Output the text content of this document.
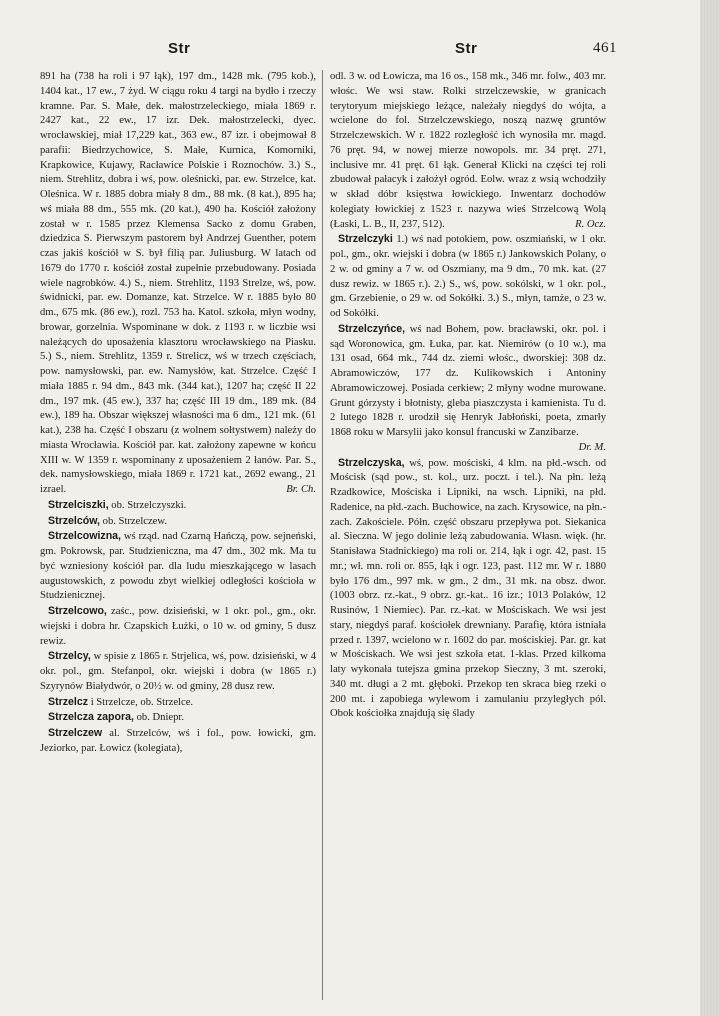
Str	Str	461

891 ha (738 ha roli i 97 łąk), 197 dm., 1428 mk. (795 kob.), 1404 kat., 17 ew., 7 żyd. W ciągu roku 4 targi na bydło i rzeczy kramne. Par. S. Małe, dek. małostrzeleckiego, miała 1869 r. 2427 kat., 22 ew., 17 izr. Dek. małostrzelecki, dyec. wrocławskiej, miał 17,229 kat., 363 ew., 87 izr. i obejmował 8 parafii: Biedrzychowice, S. Małe, Kurnica, Komorniki, Krapkowice, Kujawy, Racławice Polskie i Roznochów. 3.) S., niem. Strehlitz, dobra i wś, pow. oleśnicki, par. ew. Strzelce, kat. Oleśnica. W r. 1885 dobra miały 8 dm., 88 mk. (8 kat.), 895 ha; wś miała 88 dm., 555 mk. (20 kat.), 490 ha. Kościół założony został w r. 1585 przez Klemensa Sacko z domu Graben, dziedzica S. Pierwszym pastorem był Andrzej Guenther, potem czas jakiś kościół w S. był filią par. Juliusburg. W latach od 1679 do 1770 r. kościół został zupełnie przebudowany. Posiada wiele nagrobków. 4.) S., niem. Strehlitz, 1193 Strelze, wś, pow. świdnicki, par. ew. Domanze, kat. Strzelce. W r. 1885 było 80 dm., 675 mk. (86 ew.), rozl. 753 ha. Katol. szkoła, młyn wodny, browar, gorzelnia. Wspominane w dok. z 1193 r. w liczbie wsi należących do uposażenia klasztoru wrocławskiego na Piasku. 5.) S., niem. Strehlitz, 1359 r. Strelicz, wś w trzech częściach, pow. namysłowski, par. ew. Namysłów, kat. Strzelce. Część I miała 1885 r. 94 dm., 843 mk. (344 kat.), 1207 ha; część II 22 dm., 197 mk. (45 ew.), 337 ha; część III 19 dm., 189 mk. (84 ew.), 189 ha. Obszar większej własności ma 6 dm., 121 mk. (61 kat.), 238 ha. Część I obszaru (z wolnem sołtystwem) należy do miasta Wrocławia. Kościół par. kat. założony zapewne w końcu XIII w. W 1359 r. wspominany z uposażeniem 2 łanów. Par. S., dek. namysłowskiego, miała 1869 r. 1721 kat., 2692 ewang., 21 izrael.	Br. Ch.

Strzelciszki, ob. Strzelczyszki.

Strzelców, ob. Strzelczew.

Strzelcowizna, wś rząd. nad Czarną Hańczą, pow. sejneński, gm. Pokrowsk, par. Studzieniczna, ma 47 dm., 302 mk. Ma tu być wzniesiony kościół par. dla ludu mieszkającego w lasach augustowskich, z powodu zbyt wielkiej odległości kościoła w Studzienicznej.

Strzelcowo, zaśc., pow. dzisieński, w 1 okr. pol., gm., okr. wiejski i dobra hr. Czapskich Łużki, o 10 w. od gminy, 5 dusz rewiz.

Strzelcy, w spisie z 1865 r. Strjelica, wś, pow. dzisieński, w 4 okr. pol., gm. Stefanpol, okr. wiejski i dobra (w 1865 r.) Szyrynów Białydwór, o 20½ w. od gminy, 28 dusz rew.

Strzelcz i Strzelcze, ob. Strzelce.

Strzelcza zapora, ob. Dniepr.

Strzelczew al. Strzelców, wś i fol., pow. łowicki, gm. Jeziorko, par. Łowicz (kolegiata),

odl. 3 w. od Łowicza, ma 16 os., 158 mk., 346 mr. folw., 403 mr. włośc. We wsi staw. Rolki strzelczewskie, w granicach terytoryum miejskiego leżące, należały niegdyś do wójta, a wcielone do fol. Strzelczewskiego, noszą nazwę gruntów Strzelczewskich. W r. 1822 rozległość ich wynosiła mr. magd. 76 pręt. 94, w nowej mierze nowopols. mr. 34 pręt. 271, inclusive mr. 41 pręt. 61 łąk. Generał Klicki na części tej roli zbudował pałacyk i założył ogród. Eolw. wraz z wsią wchodziły w skład dóbr księstwa łowickiego. Inwentarz dochodów kolegiaty łowickiej z 1523 r. nazywa wieś Strzelcową Wolą (Łaski, L. B., II, 237, 512).	R. Ocz.

Strzelczyki 1.) wś nad potokiem, pow. oszmiański, w 1 okr. pol., gm., okr. wiejski i dobra (w 1865 r.) Jankowskich Polany, o 2 w. od gminy a 7 w. od Oszmiany, ma 9 dm., 70 mk. kat. (27 dusz rewiz. w 1865 r.). 2.) S., wś, pow. sokólski, w 1 okr. pol., gm. Grzebienie, o 29 w. od Sokółki. 3.) S., młyn, tamże, o 23 w. od Sokółki.

Strzelczyńce, wś nad Bohem, pow. bracławski, okr. pol. i sąd Woronowica, gm. Łuka, par. kat. Niemirów (o 10 w.), ma 131 osad, 664 mk., 744 dz. ziemi włośc., dworskiej: 308 dz. Abramowiczów, 177 dz. Kulikowskich i Antoniny Abramowiczowej. Posiada cerkiew; 2 młyny wodne murowane. Grunt górzysty i błotnisty, gleba piaszczysta i kamienista. Tu d. 2 lutego 1828 r. urodził się Henryk Jabłoński, poeta, zmarły 1868 roku w Marsylii jako konsul francuski w Zanzibarze.
Dr. M.

Strzelczyska, wś, pow. mościski, 4 klm. na płd.-wsch. od Mościsk (sąd pow., st. kol., urz. poczt. i tel.). Na płn. leżą Rzadkowice, Mościska i Lipniki, na wsch. Lipniki, na płd. Radenice, na płd.-zach. Buchowice, na zach. Krysowice, na płn.-zach. Zakościele. Półn. część obszaru przepływa pot. Siekanica al. Sieczna. W jego dolinie leżą zabudowania. Własn. więk. (hr. Stanisława Stadnickiego) ma roli or. 214, łąk i ogr. 42, past. 15 mr.; wł. mn. roli or. 855, łąk i ogr. 123, past. 112 mr. W r. 1880 było 176 dm., 997 mk. w gm., 2 dm., 31 mk. na obsz. dwor. (1003 obrz. rz.-kat., 9 obrz. gr.-kat.. 16 izr.; 1013 Polaków, 12 Rusinów, 1 Niemiec). Par. rz.-kat. w Mościskach. We wsi jest stary, niegdyś paraf. kościołek drewniany. Parafię, która istniała przed r. 1397, wcielono w r. 1602 do par. mościskiej. Par. gr. kat w Mościskach. We wsi jest szkoła etat. 1-klas. Przed kilkoma laty wykonała tutejsza gmina przekop Sieczny, 3 mt. szeroki, 340 mt. długi a 2 mt. głęboki. Przekop ten skraca bieg rzeki o 200 mt. i zapobiega wylewom i zamulaniu przyległych pól. Obok kościołka znajdują się ślady
